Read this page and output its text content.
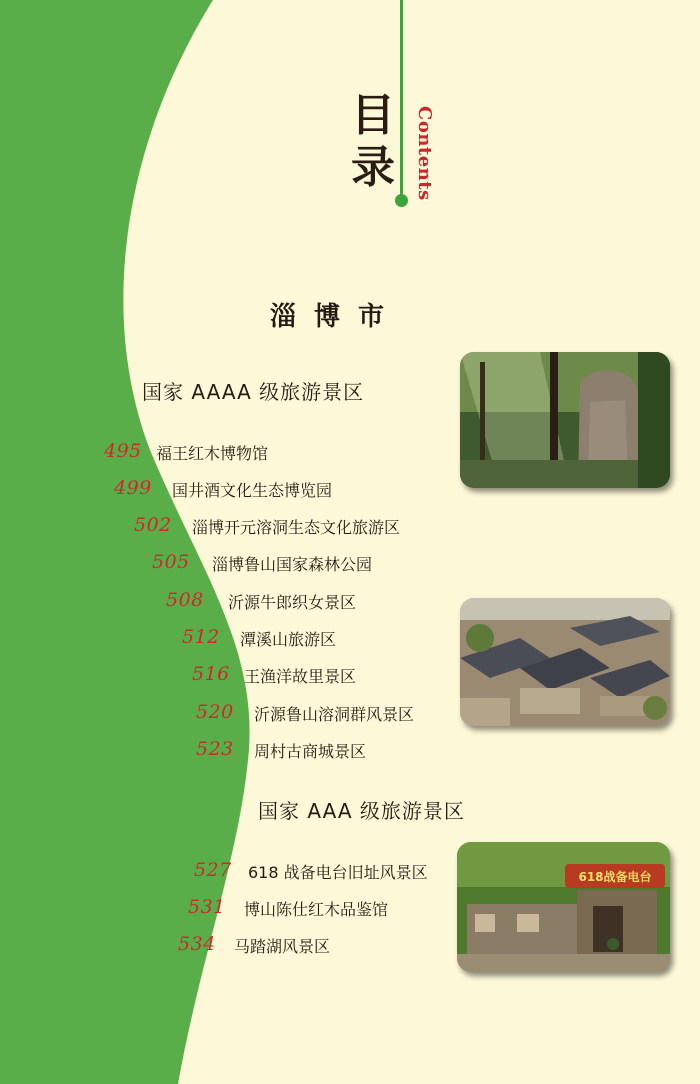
目录 Contents
淄博市
国家 AAAA 级旅游景区
国家 AAA 级旅游景区
495 福王红木博物馆
499 国井酒文化生态博览园
502 淄博开元溶洞生态文化旅游区
505 淄博鲁山国家森林公园
508 沂源牛郎织女景区
512 潭溪山旅游区
516 王渔洋故里景区
520 沂源鲁山溶洞群风景区
523 周村古商城景区
527 618 战备电台旧址风景区
531 博山陈仕红木品鉴馆
534 马踏湖风景区
618战备电台
